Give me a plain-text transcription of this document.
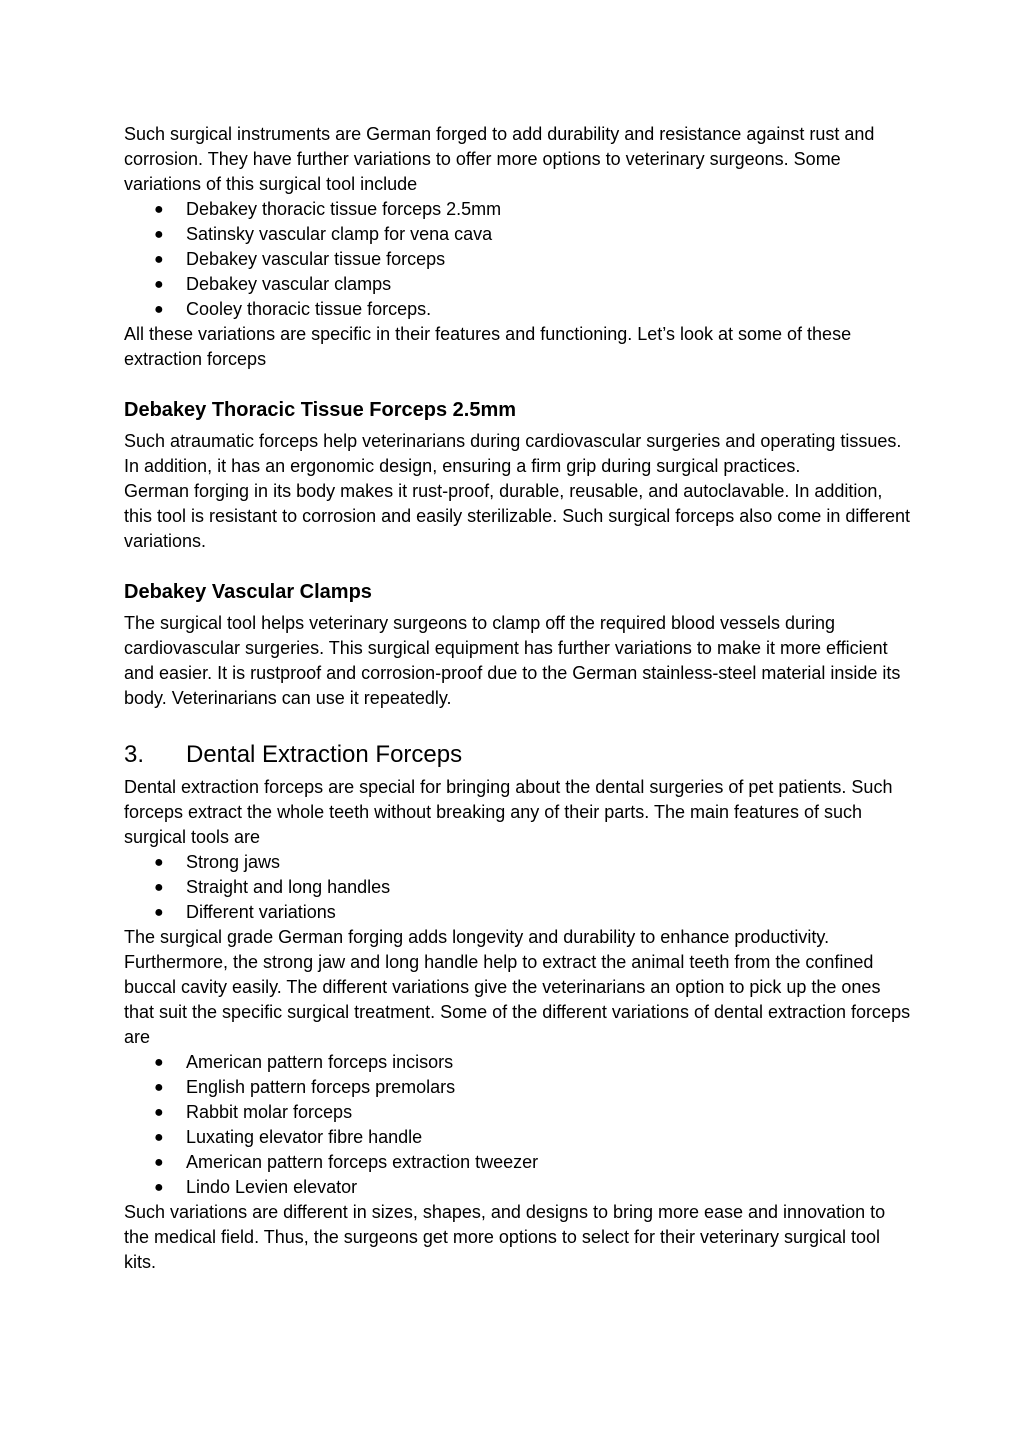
Such surgical instruments are German forged to add durability and resistance against rust and corrosion. They have further variations to offer more options to veterinary surgeons. Some variations of this surgical tool include

● Debakey thoracic tissue forceps 2.5mm
● Satinsky vascular clamp for vena cava
● Debakey vascular tissue forceps
● Debakey vascular clamps
● Cooley thoracic tissue forceps.

All these variations are specific in their features and functioning. Let’s look at some of these extraction forceps

Debakey Thoracic Tissue Forceps 2.5mm

Such atraumatic forceps help veterinarians during cardiovascular surgeries and operating tissues. In addition, it has an ergonomic design, ensuring a firm grip during surgical practices.

German forging in its body makes it rust-proof, durable, reusable, and autoclavable. In addition, this tool is resistant to corrosion and easily sterilizable. Such surgical forceps also come in different variations.

Debakey Vascular Clamps

The surgical tool helps veterinary surgeons to clamp off the required blood vessels during cardiovascular surgeries. This surgical equipment has further variations to make it more efficient and easier. It is rustproof and corrosion-proof due to the German stainless-steel material inside its body. Veterinarians can use it repeatedly.

3. Dental Extraction Forceps

Dental extraction forceps are special for bringing about the dental surgeries of pet patients. Such forceps extract the whole teeth without breaking any of their parts. The main features of such surgical tools are

● Strong jaws
● Straight and long handles
● Different variations

The surgical grade German forging adds longevity and durability to enhance productivity. Furthermore, the strong jaw and long handle help to extract the animal teeth from the confined buccal cavity easily. The different variations give the veterinarians an option to pick up the ones that suit the specific surgical treatment. Some of the different variations of dental extraction forceps are

● American pattern forceps incisors
● English pattern forceps premolars
● Rabbit molar forceps
● Luxating elevator fibre handle
● American pattern forceps extraction tweezer
● Lindo Levien elevator

Such variations are different in sizes, shapes, and designs to bring more ease and innovation to the medical field. Thus, the surgeons get more options to select for their veterinary surgical tool kits.
